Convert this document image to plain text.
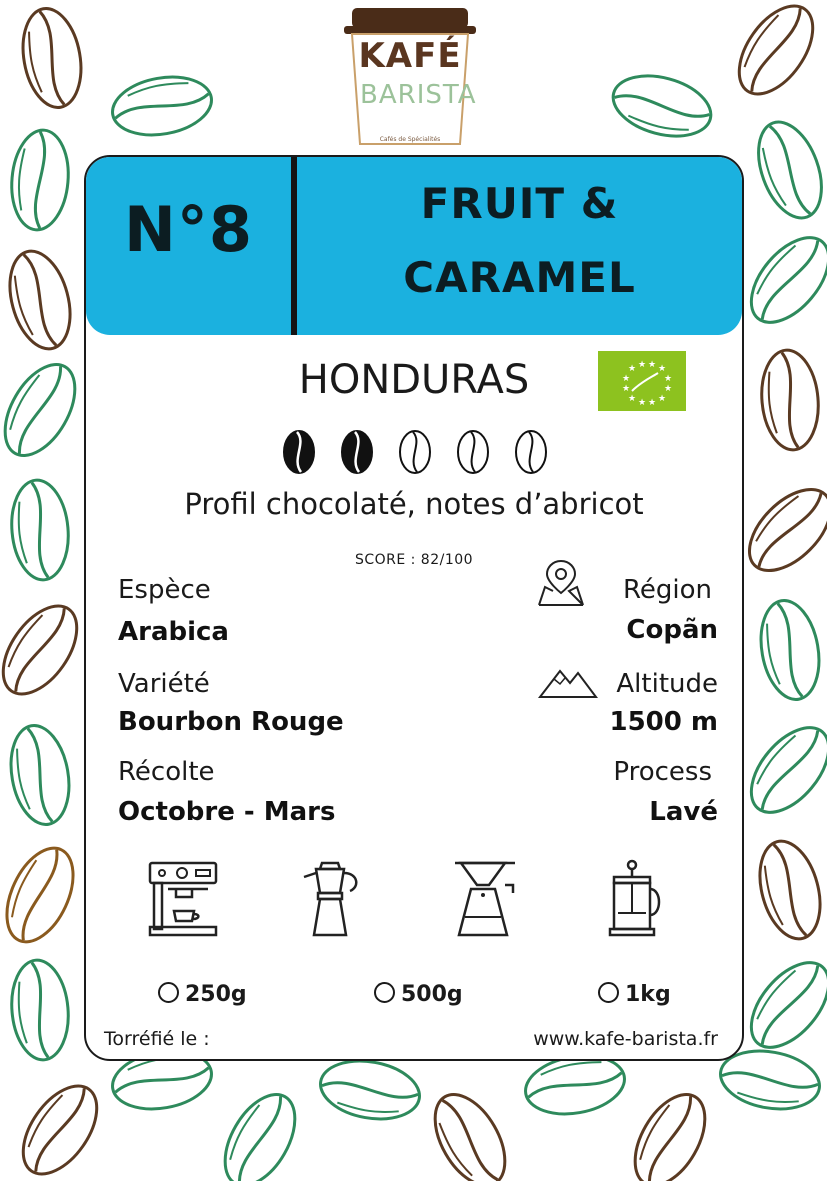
KAFÉ
BARISTA
Cafés de Spécialités
N°8	FRUIT &
CARAMEL
HONDURAS	★ ★
★ ★
★	★
★	★
★ ★
★ ★
Profil chocolaté, notes d’abricot
SCORE : 82/100
Espèce
Arabica
Variété
Bourbon Rouge
Récolte
Octobre - Mars
Région
Copãn
Altitude
1500 m
Process
Lavé
250g	500g	1kg
Torréfié le :	www.kafe-barista.fr
